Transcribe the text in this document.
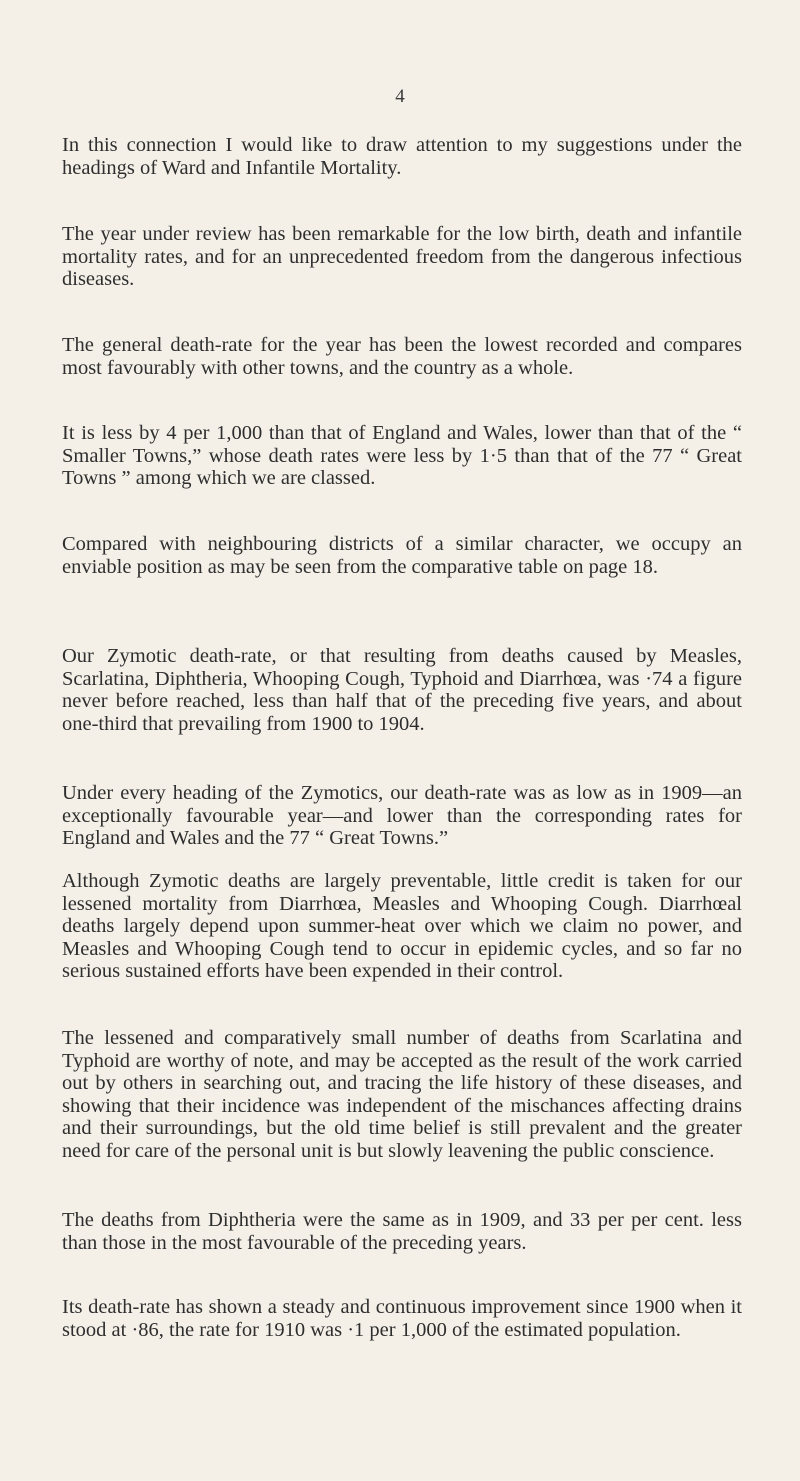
4

In this connection I would like to draw attention to my suggestions under the headings of Ward and Infantile Mortality.

The year under review has been remarkable for the low birth, death and infantile mortality rates, and for an unprecedented freedom from the dangerous infectious diseases.

The general death-rate for the year has been the lowest recorded and compares most favourably with other towns, and the country as a whole.

It is less by 4 per 1,000 than that of England and Wales, lower than that of the “ Smaller Towns,” whose death rates were less by 1·5 than that of the 77 “ Great Towns ” among which we are classed.

Compared with neighbouring districts of a similar character, we occupy an enviable position as may be seen from the comparative table on page 18.

Our Zymotic death-rate, or that resulting from deaths caused by Measles, Scarlatina, Diphtheria, Whooping Cough, Typhoid and Diarrhœa, was ·74 a figure never before reached, less than half that of the preceding five years, and about one-third that prevailing from 1900 to 1904.

Under every heading of the Zymotics, our death-rate was as low as in 1909—an exceptionally favourable year—and lower than the corresponding rates for England and Wales and the 77 “ Great Towns.”

Although Zymotic deaths are largely preventable, little credit is taken for our lessened mortality from Diarrhœa, Measles and Whooping Cough. Diarrhœal deaths largely depend upon summer-heat over which we claim no power, and Measles and Whooping Cough tend to occur in epidemic cycles, and so far no serious sustained efforts have been expended in their control.

The lessened and comparatively small number of deaths from Scarlatina and Typhoid are worthy of note, and may be accepted as the result of the work carried out by others in searching out, and tracing the life history of these diseases, and showing that their incidence was independent of the mischances affecting drains and their surroundings, but the old time belief is still prevalent and the greater need for care of the personal unit is but slowly leavening the public conscience.

The deaths from Diphtheria were the same as in 1909, and 33 per per cent. less than those in the most favourable of the preceding years.

Its death-rate has shown a steady and continuous improvement since 1900 when it stood at ·86, the rate for 1910 was ·1 per 1,000 of the estimated population.
